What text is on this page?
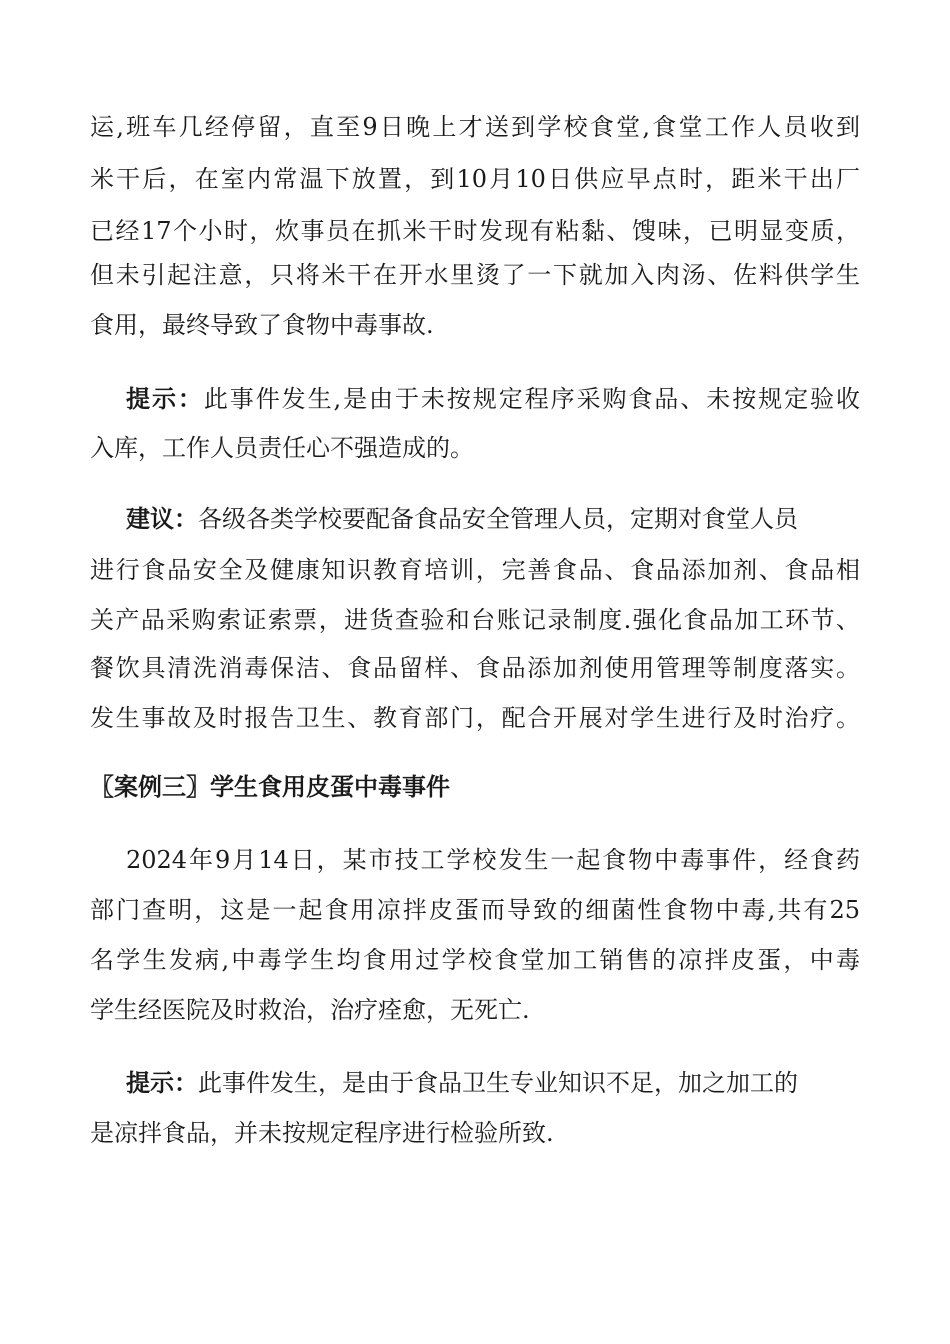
运,班车几经停留，直至9日晚上才送到学校食堂,食堂工作人员收到
米干后，在室内常温下放置，到10月10日供应早点时，距米干出厂
已经17个小时，炊事员在抓米干时发现有粘黏、馊味，已明显变质，
但未引起注意，只将米干在开水里烫了一下就加入肉汤、佐料供学生
食用，最终导致了食物中毒事故.
提示：此事件发生,是由于未按规定程序采购食品、未按规定验收
入库，工作人员责任心不强造成的。
建议：各级各类学校要配备食品安全管理人员，定期对食堂人员
进行食品安全及健康知识教育培训，完善食品、食品添加剂、食品相
关产品采购索证索票，进货查验和台账记录制度.强化食品加工环节、
餐饮具清洗消毒保洁、食品留样、食品添加剂使用管理等制度落实。
发生事故及时报告卫生、教育部门，配合开展对学生进行及时治疗。
〖案例三〗学生食用皮蛋中毒事件
2024年9月14日，某市技工学校发生一起食物中毒事件，经食药
部门查明，这是一起食用凉拌皮蛋而导致的细菌性食物中毒,共有25
名学生发病,中毒学生均食用过学校食堂加工销售的凉拌皮蛋，中毒
学生经医院及时救治，治疗痊愈，无死亡.
提示：此事件发生，是由于食品卫生专业知识不足，加之加工的
是凉拌食品，并未按规定程序进行检验所致.
